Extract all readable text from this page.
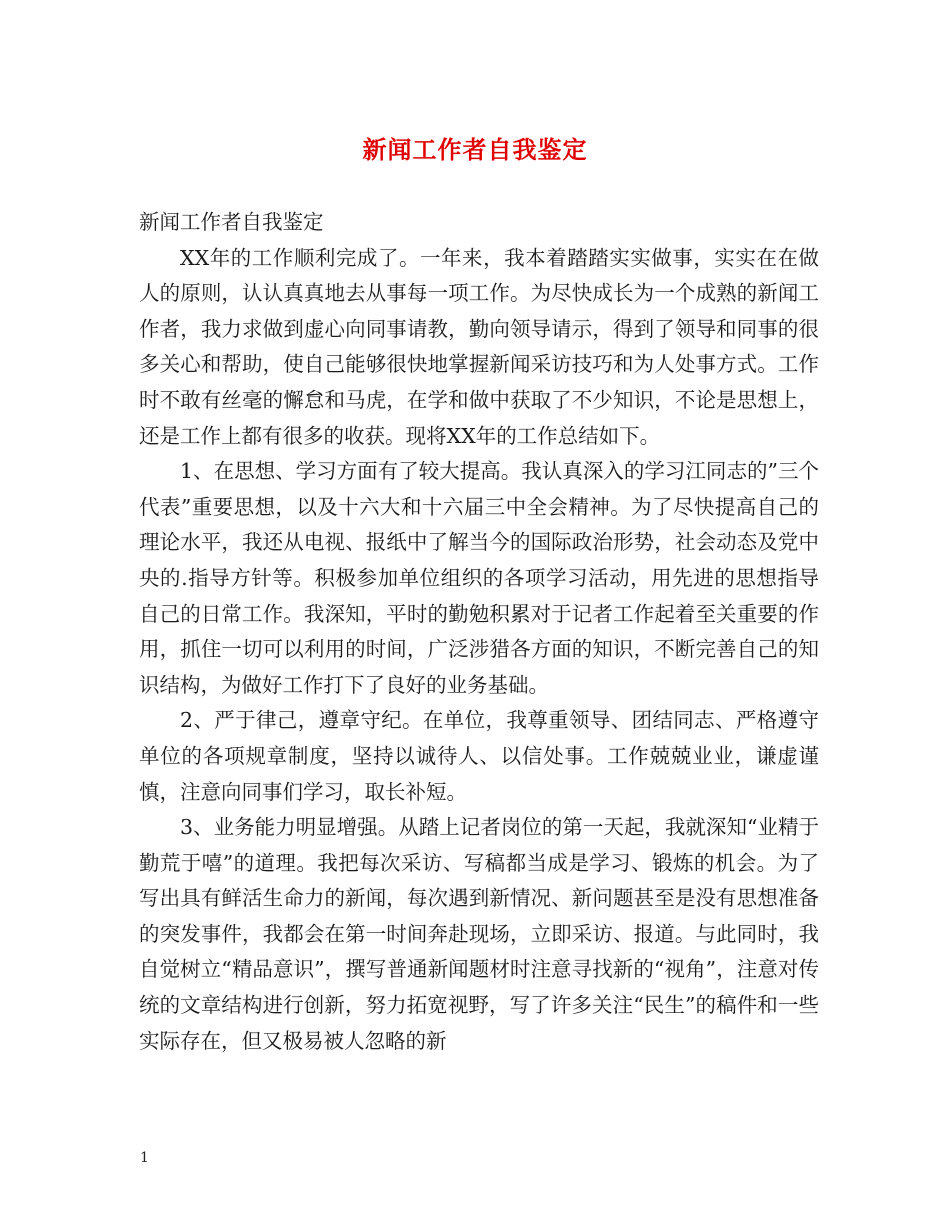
新闻工作者自我鉴定

新闻工作者自我鉴定

XX年的工作顺利完成了。一年来，我本着踏踏实实做事，实实在在做人的原则，认认真真地去从事每一项工作。为尽快成长为一个成熟的新闻工作者，我力求做到虚心向同事请教，勤向领导请示，得到了领导和同事的很多关心和帮助，使自己能够很快地掌握新闻采访技巧和为人处事方式。工作时不敢有丝毫的懈怠和马虎，在学和做中获取了不少知识，不论是思想上，还是工作上都有很多的收获。现将XX年的工作总结如下。

1、在思想、学习方面有了较大提高。我认真深入的学习江同志的”三个代表”重要思想，以及十六大和十六届三中全会精神。为了尽快提高自己的理论水平，我还从电视、报纸中了解当今的国际政治形势，社会动态及党中央的.指导方针等。积极参加单位组织的各项学习活动，用先进的思想指导自己的日常工作。我深知，平时的勤勉积累对于记者工作起着至关重要的作用，抓住一切可以利用的时间，广泛涉猎各方面的知识，不断完善自己的知识结构，为做好工作打下了良好的业务基础。

2、严于律己，遵章守纪。在单位，我尊重领导、团结同志、严格遵守单位的各项规章制度，坚持以诚待人、以信处事。工作兢兢业业，谦虚谨慎，注意向同事们学习，取长补短。

3、业务能力明显增强。从踏上记者岗位的第一天起，我就深知“业精于勤荒于嘻”的道理。我把每次采访、写稿都当成是学习、锻炼的机会。为了写出具有鲜活生命力的新闻，每次遇到新情况、新问题甚至是没有思想准备的突发事件，我都会在第一时间奔赴现场，立即采访、报道。与此同时，我自觉树立“精品意识”，撰写普通新闻题材时注意寻找新的“视角”，注意对传统的文章结构进行创新，努力拓宽视野，写了许多关注“民生”的稿件和一些实际存在，但又极易被人忽略的新

1
